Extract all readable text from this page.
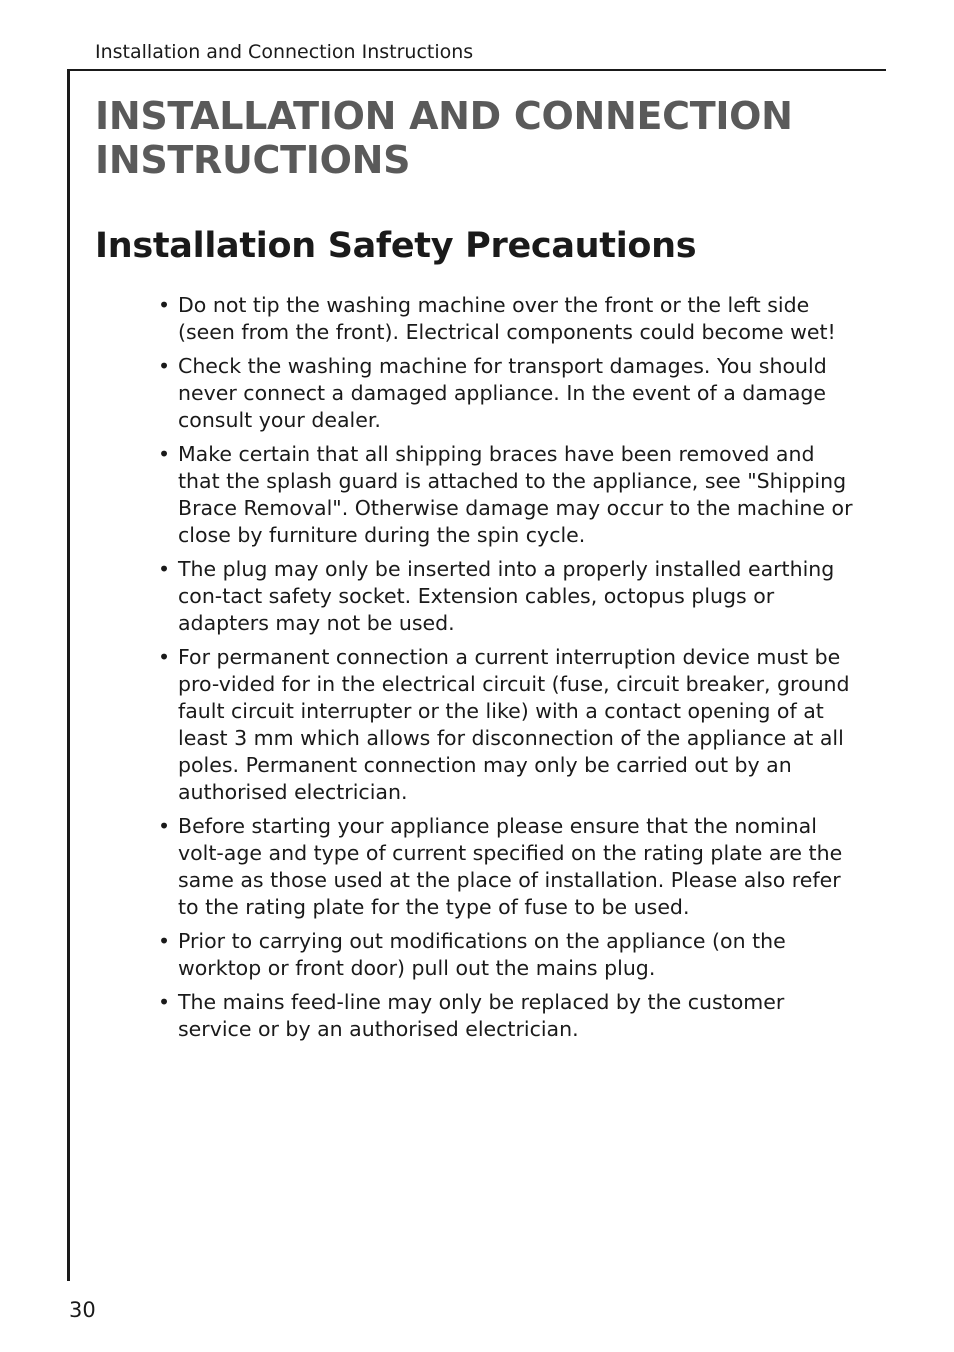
Installation and Connection Instructions
INSTALLATION AND CONNECTION
INSTRUCTIONS
Installation Safety Precautions
• Do not tip the washing machine over the front or the left side (seen from the front). Electrical components could become wet!
• Check the washing machine for transport damages. You should never connect a damaged appliance. In the event of a damage consult your dealer.
• Make certain that all shipping braces have been removed and that the splash guard is attached to the appliance, see "Shipping Brace Removal". Otherwise damage may occur to the machine or close by furniture during the spin cycle.
• The plug may only be inserted into a properly installed earthing con-tact safety socket. Extension cables, octopus plugs or adapters may not be used.
• For permanent connection a current interruption device must be pro-vided for in the electrical circuit (fuse, circuit breaker, ground fault circuit interrupter or the like) with a contact opening of at least 3 mm which allows for disconnection of the appliance at all poles. Permanent connection may only be carried out by an authorised electrician.
• Before starting your appliance please ensure that the nominal volt-age and type of current specified on the rating plate are the same as those used at the place of installation. Please also refer to the rating plate for the type of fuse to be used.
• Prior to carrying out modifications on the appliance (on the worktop or front door) pull out the mains plug.
• The mains feed-line may only be replaced by the customer service or by an authorised electrician.
30
